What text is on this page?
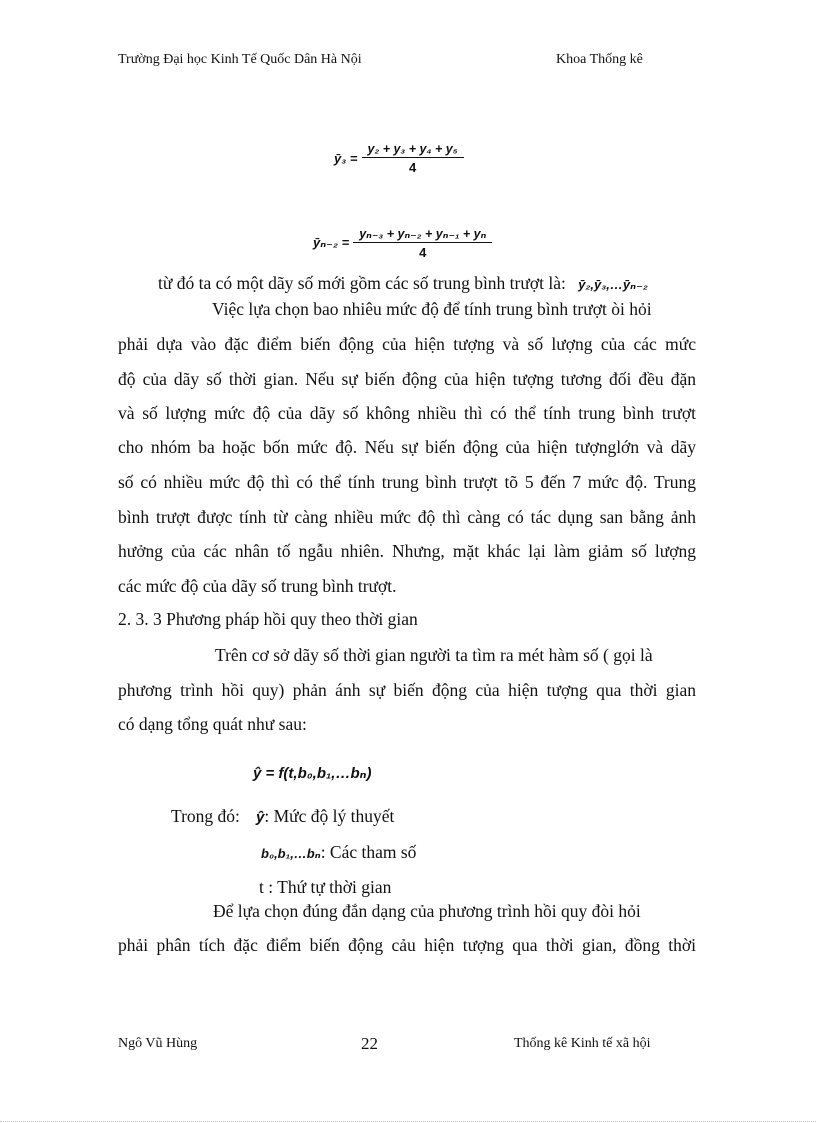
Trường Đại học Kinh Tế Quốc Dân Hà Nội	Khoa Thống kê
ȳ₃ = $\frac{\text{y₂ + y₃ + y₄ + y₅}}{4}$
ȳₙ₋₂ = $\frac{\text{yₙ₋₃ + yₙ₋₂ + yₙ₋₁ + yₙ}}{4}$
từ đó ta có một dãy số mới gồm các số trung bình trượt là: ȳ₂,ȳ₃,…ȳₙ₋₂
Việc lựa chọn bao nhiêu mức độ để tính trung bình trượt òi hỏi
phải dựa vào đặc điểm biến động của hiện tượng và số lượng của các mức
độ của dãy số thời gian. Nếu sự biến động của hiện tượng tương đối đều đặn
và số lượng mức độ của dãy số không nhiều thì có thể tính trung bình trượt
cho nhóm ba hoặc bốn mức độ. Nếu sự biến động của hiện tượnglớn và dãy
số có nhiều mức độ thì có thể tính trung bình trượt tõ 5 đến 7 mức độ. Trung
bình trượt được tính từ càng nhiều mức độ thì càng có tác dụng san bằng ảnh
hưởng của các nhân tố ngẫu nhiên. Nhưng, mặt khác lại làm giảm số lượng
các mức độ của dãy số trung bình trượt.
2. 3. 3 Phương pháp hồi quy theo thời gian
Trên cơ sở dãy số thời gian người ta tìm ra mét hàm số ( gọi là
phương trình hồi quy) phản ánh sự biến động của hiện tượng qua thời gian
có dạng tổng quát như sau:
ŷ = f(t,b₀,b₁,…bₙ)
Trong đó: ŷ: Mức độ lý thuyết
b₀,b₁,…bₙ: Các tham số
t : Thứ tự thời gian
Để lựa chọn đúng đắn dạng của phương trình hồi quy đòi hỏi
phải phân tích đặc điểm biến động cảu hiện tượng qua thời gian, đồng thời
Ngô Vũ Hùng	22	Thống kê Kinh tế xã hội
